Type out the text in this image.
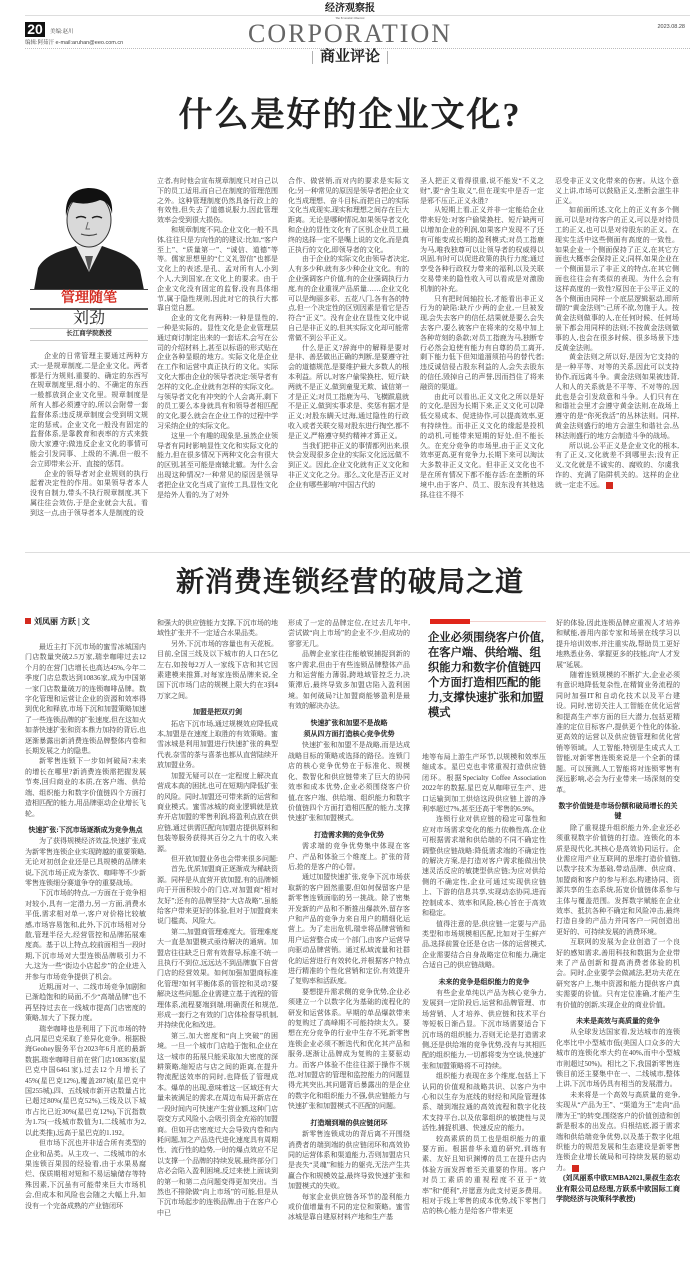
经济观察报
The Economic Observer
20	美编:赵川
编辑:阿茹汗 e-mail:aruhan@eeo.com.cn	CORPORATION	2023.08.28
| 商业评论 |
什么是好的企业文化?
管理随笔
刘劲
长江商学院教授

企业的日常管理主要通过两种方式:一是规章制度,二是企业文化。两者都是行为规则,重要的、确定的东西写在规章制度里,细小的、不确定的东西一般都放到企业文化里。规章制度是所有人都必须遵守的,所以会附带一套监督体系;违反规章制度会受到明文规定的惩戒。企业文化一般没有固定的监督体系,是靠教育和表率的方式来鼓励大家遵守;做违反企业文化的事情可能会引发同事、上级的不满,但一般不会立即带来公开、直接的惩罚。

企业的领导者对企业规则的执行起着决定性的作用。如果领导者本人没有自制力,带头不执行规章制度,其下属往往会效仿,于是企业就会大乱。看到这一点,由于领导者本人是制度的设

立者,有时他会宣布规章制度只对自己以下的员工适用,而自己在制度的管理范围之外。这种管理制度仍然具备行政上的有效性,但失去了道德说服力,因此管理效率会受到很大损伤。

和规章制度不同,企业文化一般不具体,往往只是方向性的的建议:比如,“客户至上”、“质量第一”、“诚信、道德”等等。儒家思想里的“仁义礼智信”也都是文化上的表述,是孔、孟对所有人,小到个人,大到国家,在文化上的要求。由于企业文化没有固定的监督,没有具体细节,属于隐性规则,因此对它的执行大都靠自觉自愿。

企业的文化有两种:一种是显性的,一种是实际的。显性文化是企业管理层通过商讨制定出来的一套话术,会写在公司的介绍材料上,甚至以标语的形式贴在企业各种显眼的地方。实际文化是企业在工作和运营中真正执行的文化。实际文化大都由企业的领导者决定:领导者有怎样的文化,企业就有怎样的实际文化。与领导者文化有冲突的个人会离开,剩下的员工要么本身就具有和领导者相匹配的文化,要么就会在企业工作的过程中学习采纳企业的实际文化。

这里一个有趣的现象是,虽然企业领导者有同时影响显性文化和实际文化的能力,但在很多情况下两种文化会有很大的区别,甚至可能是南辕北辙。为什么会出现这种情况?一种常见的原因是领导者把企业文化当成了宣传工具,显性文化是给外人看的,为了对外

合作、做营销,而对内的要求是实际文化;另一种常见的原因是领导者把企业文化当成理想、奋斗目标,而把自己的实际文化当成现实,现实和理想之间存在巨大距离。无论是哪种情况,如果领导者文化和企业的显性文化有了区别,企业员工最终的选择一定不是嘴上说的文化,而是真正执行的文化,即领导者的文化。

由于企业的实际文化由领导者决定,人有多少种,就有多少种企业文化。有的企业强调客户价值,有的企业强调执行力度,有的企业重视产品质量……企业文化可以是绚丽多彩、五花八门,各有各的特点,但一个决定性的区别因素是看它是否符合“正义”。没有企业在显性文化中说自己是非正义的,但其实际文化却可能常常做不到公平正义。

什么是正义?辞海中的解释是要对是非、善恶做出正确的判断,是要遵守社会的道德规范,是要维护最大多数人的根本利益。所以,对客户偷梁换柱、短斤缺两就不是正义,做到童叟无欺、诚信第一才是正义;对员工指鹿为马、飞横跋扈就不是正义,做到实事求是、奖惩有据才是正义;对股东瞒天过海,通过隐性的行政收入或者关联交易对股东进行掏空,都不是正义,严格遵守契约精神才算正义。

当我们把非正义的事情都列出来,很快会发现很多企业的实际文化远远做不到正义。因此,企业文化就有正义文化和非正义文化之分。那么,文化是否正义对企业有哪些影响?中国古代的

圣人把正义看得很重,说不能发“不义之财”,要“舍生取义”,但在现实中是否一定是邪不压正,正义永胜?

从短期上看,正义并非一定能给企业带来好处:对客户偷梁换柱、短斤缺两可以增加企业的利润,如果客户发现不了还有可能变成长期的盈利模式;对员工指鹿为马,唯我独尊可以让领导者的权威得以巩固,有时可以促进政策的执行力度;通过享受各种行政权力带来的福利,以及关联交易带来的隐性收入可以看成是对激励机制的补充。

只有把时间轴拉长,才能看出非正义行为的缺陷:缺斤少两的企业,一旦被发现,会失去客户的信任,结果就是要么会失去客户,要么被客户在将来的交易中加上各种苛刻的条款;对员工指鹿为马,独断专行必然会迫使有能力有自尊的员工离开,剩下能力低下但知道溜须拍马的替代者;违反诚信侵占股东利益的人,会失去股东的信任,毁掉自己的声誉,因而挡住了将来融资的渠道。

由此可以看出,正义文化之所以是好的文化,是因为长期下来,正义文化可以降低交易成本、促进协作,可以提高效率,更有持续性。而非正义文化的缘起是投机的动机,可能带来短期的好处,但不能长久。在充分竞争的市场里,由于正义文化效率更高,更有竞争力,长期下来可以淘汰大多数非正义文化。但非正义文化也不是在所有情况下都不能存活:在垄断的环境中,由于客户、员工、股东没有其他选择,往往不得不

忍受非正义文化带来的伤害。从这个意义上讲,市场可以鼓励正义,垄断会滋生非正义。

如前面所述,文化上的正义有多个侧面,可以是对待客户的正义,可以是对待员工的正义,也可以是对待股东的正义。在现实生活中这些侧面有高度的一致性。如果企业一个侧面保持了正义,在其它方面也大概率会保持正义;同样,如果企业在一个侧面显示了非正义的特点,在其它侧面也往往会有类似的表现。为什么会有这样高度的一致性?原因在于公平正义的各个侧面由同样一个底层逻辑驱动,即所谓的“黄金法则”:己所不欲,勿施于人。按黄金法则做事的人,在任何时候、任何场景下都会用同样的法则;不按黄金法则做事的人,也会在很多时候、很多场景下违反黄金法则。

黄金法则之所以好,是因为它支持的是一种平等、对等的关系,因此可以支持协作,而远离斗争。黄金法则如果被违背,人和人的关系就是不平等、不对等的,因此也是会引发敌意和斗争。人们只有在和谐社会里才会遵守黄金法则,在战场上遵守的是“你死我活”的丛林法则。同样,黄金法则盛行的地方会滋生和谐社会,丛林法则盛行的地方会制造斗争的战场。

所以说,公平正义是企业文化的根本,有了正义,文化就差不到哪里去;没有正义,文化就是不诚实的、腐败的、尔虞我诈的、充满了陷阱机关的。这样的企业就一定走不远。

新消费连锁经营的破局之道
刘凤丽 方跃 | 文
企业必须围绕客户价值,在客户端、供给端、组织能力和数字价值链四个方面打造相匹配的能力,支撑快速扩张和加盟模式

最近主打下沉市场的蜜雪冰城国内门店数量突破2.5万家,瑞幸咖啡过去12个月的在营门店增长也高达45%,今年二季度门店总数达到10836家,成为中国第一家门店数量破万的连锁咖啡品牌。数字化管理和运营让企业的资源和效率得到优化和释放,市场下沉和加盟策略加速了一些连锁品牌的扩张速度,但在这如火如荼快速扩张和资本鼎力加持的背后,也逐渐暴露出新消费连锁品牌整体内卷和长期发展之力的隐患。

新零售连锁下一步如何破局?未来的增长在哪里?新消费连锁需把握发展节奏,回归商业的本质,在客户端、供给端、组织能力和数字价值链四个方面打造相匹配的能力,用品牌驱动企业增长飞轮。

快速扩张:下沉市场逐渐成为竞争焦点

为了获得规模经济效益,快速扩张成为新零售连锁企业实现跨越的重要策略,无论对初创企业还是已具规模的品牌来说,下沉市场正成为茶饮、咖啡等不少新零售连锁细分赛道争夺的重要战场。

下沉市场的特点,一方面在于竞争相对较小,具有一定潜力,另一方面,消费水平低,需求相对单一,客户对价格比较敏感,市场容易饱和,此外,下沉市场相对分散,管理半径大,经营管控和品牌拓展难度高。基于以上特点,较前面相当一段时期,下沉市场对大型连锁品牌吸引力不大,这为一些“街边小店起步”的企业进入并参与市场竞争提供了机会。

近期,面对一、二线市场竞争加剧和已渐趋饱和的局面,不少“高端品牌”也不再坚持过去在一线城市提高门店密度的策略,加大了下探力度。

瑞幸咖啡也是利用了下沉市场的特点,同星巴克采取了差异化竞争。根据极海Geohey服务平台2023年6月底的最新数据,瑞幸咖啡目前在营门店10836家(星巴克中国6461家),过去12个月增长了45%(星巴克12%),覆盖287城(星巴克中国255城),四、五线城市新开店数量占比已超过80%(星巴克52%),三线及以下城市占比已近30%(星巴克12%),下沉指数为1.75(一线城市数值为1,二线城市为2,以此类推),远高于星巴克的1.192。

但市场下沉也并非适合所有类型的企业和品类。从主攻一、二线城市的水果连锁百果园的经验看,由于水果易腐烂、保质期相对短和不易运输储存等特殊因素,下沉虽有可能带来巨大市场机会,但成本和风险也会随之大幅上升,如没有一个完备成熟的产业链闭环

和强大的供应链能力支撑,下沉市场的地域性扩张并不一定适合水果品类。

另外,下沉市场的容量也有天花板。目前,全国三线及以下城市的人口在5亿左右,如按每2万人一家线下店和其它因素建模来推算,对每家连锁品牌来说,全国下沉市场门店的规模上限大约在3到4万家之间。

加盟是把双刃剑

拓店下沉市场,通过规模效应降低成本,加盟是在速度上取胜的有效策略。蜜雪冰城是利用加盟进行快速扩张的典型代表,奈雪的茶与喜茶也都从直营陆续开放加盟业务。

加盟无疑可以在一定程度上解决直营成本高的困扰,也可在短期内降低扩张的风险。同时,加盟还可带来新的运营和商业模式。蜜雪冰城的商业逻辑就是放弃开店加盟的零售利润,将盈利点放在供应链,通过供需匹配向加盟店提供原料和包装等服务获得其百分之九十的收入来源。

但开放加盟业务也会带来很多问题:

首先,优质加盟商正逐渐成为稀缺资源。同样是从直营开放加盟,有的品牌倾向于开面积较小的门店,对加盟商“相对友好”;还有的品牌坚持“大店战略”,虽能给客户带来更好的体验,但对于加盟商来说门槛高、风险大。

第二,加盟商管理难度大。管理难度大一直是加盟模式亟待解决的通病。加盟店往往缺乏日常有效督导,标准不统一且执行不到位,远远达不到品牌旗下自营门店的经营效果。如何加强加盟商标准化管理?如何平衡体系的管控和灵动?要解决这些问题,企业需建立基于流程的管理体系,流程要端到端,明确责任和规范,形成一套行之有效的门店体检督导机制,并持续优化和改进。

第三,加大密度和“向上突破”的困境。一旦一个城市门店趋于饱和,企业在这一城市的拓展只能采取加大密度的深耕策略,缩短店与店之间的距离,在提升物流配送效率的同时,也降低了管理成本。爆单的出现,意味着这一区域还有大量未被满足的需求,在周边布局开新店在一段时间内可快速产生营业额,这种门店裂变方式风险小,会吸引资金充裕的加盟商。但如开店密度过大会导致内卷和内耗问题,加之产品迭代进化速度具有周期性、流行性的趋势,一时的爆点效应不足以支撑一个品牌的持续发展,最终部分门店必会陷入盈利困境,反过来使上面谈到的第一和第二点问题变得更加突出。当然也不排除做“向上市场”的可能,但是从下沉市场起步的连锁品牌,由于在客户心中已

形成了一定的品牌定位,在过去几年中,尝试做“向上市场”的企业不少,但成功的寥寥无几。

品牌企业家往往能敏锐捕捉到新的客户需求,但由于有些连锁品牌整体产品力和运营能力薄弱,跨地域管控乏力,决策滞后,最终导致多加盟店陷入盈利困境。如何破局?让加盟商能够盈利是最有效的解决办法。

快速扩张和加盟不是战略

须从四方面打造核心竞争优势

快速扩张和加盟不是战略,而是达成战略目标的策略或选择的路径。连锁门店的核心竞争优势在于标准化、规模化、数智化和供应链带来了巨大的协同效率和成本优势,企业必须围绕客户价值,在客户端、供给端、组织能力和数字价值链四个方面打造相匹配的能力,支撑快速扩张和加盟模式。

打造需求侧的竞争优势

需求端的竞争优势集中体现在客户、产品和体验三个维度上。扩张的背后,抢的是客户的心智。

通过加盟快速扩张,竞争下沉市场获取新的客户固然重要,但如何保留客户是新零售连锁面临的另一挑战。除了密集开发新的产品和不断推出爆款外,留存客户和产品的竞争力来自用户的精细化运营上。为了走出危机,瑞幸将品牌营销和用户运营整合成一个部门,由客户运营导向驱动品牌营销。通过私域流量和社群化的运营进行有效转化,并根据客户特点进行精准的个性化营销和定价,有效提升了复购率和活跃度。

要想提升需求侧的竞争优势,企业必须建立一个以数字化为基础的流程化的研发和运营体系。早期的单品爆款带来的复购过了高峰期不可能持续太久。要想在充分竞争的行业中生存不死,新零售连锁企业必须不断迭代和优化其产品和服务,逐渐让品牌成为复购的主要驱动力。而客户体验不佳往往源于操作不规范,对加盟店的管理和监控能力的问题显得尤其突出,其问题背后暴露出的是企业的数字化和组织能力不强,供应链能力与快速扩张和加盟模式不匹配的问题。

打造端到端的供应链闭环

新零售连锁成功的背后离不开围绕消费者的端到端的供应链闭环和高效协同的运营体系和渠道能力,否则加盟店只是丧失“灵魂”和能力的躯壳,无法产生共赢合作和规模效益,最终导致快速扩张和加盟模式的失败。

每家企业供应链各环节的盈利能力或价值增量有不同的定位和策略。蜜雪冰城是靠自建原材料产地和生产基

地等布局上游生产环节,以规模和效率压缩成本。星巴克也非常重视打造供应链闭环。根据Specialty Coffee Association 2022年的数据,星巴克从咖啡豆生产、进口运输到加工烘焙这段供应链上游的净利率超过7%,甚至还高于零售的6.9%。

连锁行业对供应链的稳定可靠性和应对市场需求变化的能力依赖性高,企业可根据需求端和供给端的不同不确定性调整供应链战略:降低需求端的不确定性的解决方案,是打造对客户需求能做出快速灵活反应的敏捷型供应链;为应对供给侧的不确定性,企业可通过实现供应链上、下游的信息共享,实现动态协同,进而控制成本、效率和风险,核心旨在于高效和稳定。

值得注意的是,供应链一定要与产品类型和市场规模相匹配,比如对于生鲜产品,选择前置仓还是仓店一体的运营模式,企业需要结合自身战略定位和能力,确定合适自己的供应链战略。

未来的竞争是组织能力的竞争

有些企业单纯以产品为核心竞争力,发展到一定阶段后,运营和品牌管理、市场营销、人才培养、供应链和技术平台等短板日渐凸显。下沉市场需要适合下沉市场的组织能力,否则无论是打造需求侧,还是供给端的竞争优势,没有与其相匹配的组织能力,一切都将变为空谈,快速扩张和加盟策略将不可持续。

组织能力表现在多个维度,包括上下认同的价值观和战略共识、以客户为中心和以生存为底线的财经和风险管理体系、端到端拉通的高效流程和数字化技术支持平台,以及依靠组织的敏捷性与灵活性,捕捉机遇、快速反应的能力。

较高素质的员工也是组织能力的重要方面。根据普华永道的研究,训练有素、友好且知识渊博的员工在提升店内体验方面发挥着至关重要的作用。客户对员工素质的重视程度不亚于“效率”和“便利”,并愿意为此支付更多费用。相对于线上零售的成本优势,线下零售门店的核心能力是给客户带来更

好的体验,因此连锁品牌应重视人才培养和赋能,善用内部专家和场景在线学习以提升培训效率,并注重实战,帮助员工更好地熟悉业务、掌握更多的技能,向“人才发展”延展。

随着连锁规模的不断扩大,企业必须有意识地降低复杂性,在精简业务流程的同时加强IT和自动化技术以及平台建设。同时,密切关注人工智能在优化运营和提高生产率方面的巨大潜力,包括更精准的定位目标客户,提供更个性化的体验,更高效的运营以及供应链管理和优化营销等领域。人工智能,特别是生成式人工智能,对新零售连锁来说是一个全新的课题。可以预测,人工智能将对连锁零售有深远影响,必会为行业带来一场深刻的变革。

数字价值链是市场份额和破局增长的关键

除了重视提升组织能力外,企业还必须重视数字价值链的打造。连锁化的本质是现代化,其核心是高效协同运行。企业需应用产业互联网的思维打造价值链,以数字技术为基础,带动品牌、供应商、加盟商和客户的参与形态,构建协同、资源共享的生态系统,拓宽价值链体系参与主体与覆盖范围。发挥数字赋能在企业效率、抵抗各种不确定和风险冲击,最终打造自身的产品力并同客户一同创造出更好的、可持续发展的消费环境。

互联网的发展为企业创造了一个良好的感知需求,善用科技和数据为企业带来了产品创新和提高消费者体验的机会。同时,企业要学会做减法,把功夫花在研究客户上,集中资源和能力提供客户真实需要的价值。只有定位准确,才能产生有价值的创新,实现企业的商业价值。

未来是高效与高质量的竞争

从全球发达国家看,发达城市的连锁化率比中小型城市低(美国人口众多的大城市的连锁化率大约在40%,而中小型城市则超过50%)。相比之下,我国新零售连锁目前还主要集中在一、二线城市,整体上讲,下沉市场仍具有相当的发展潜力。

未来将是一个高效与高质量的竞争,实现从“产品为王”、“渠道为王”走向“品牌为王”的转变,围绕客户的价值创造和创新是根本的出发点。归根结底,源于需求端和供给端竞争优势,以及基于数字化组织能力的规范发展和生态建设是新零售连锁企业增长破局和可持续发展的驱动力。

(刘凤丽系中欧EMBA2021,果叔生态农业有限公司总经理,方跃系中欧国际工商学院经济与决策科学教授)
